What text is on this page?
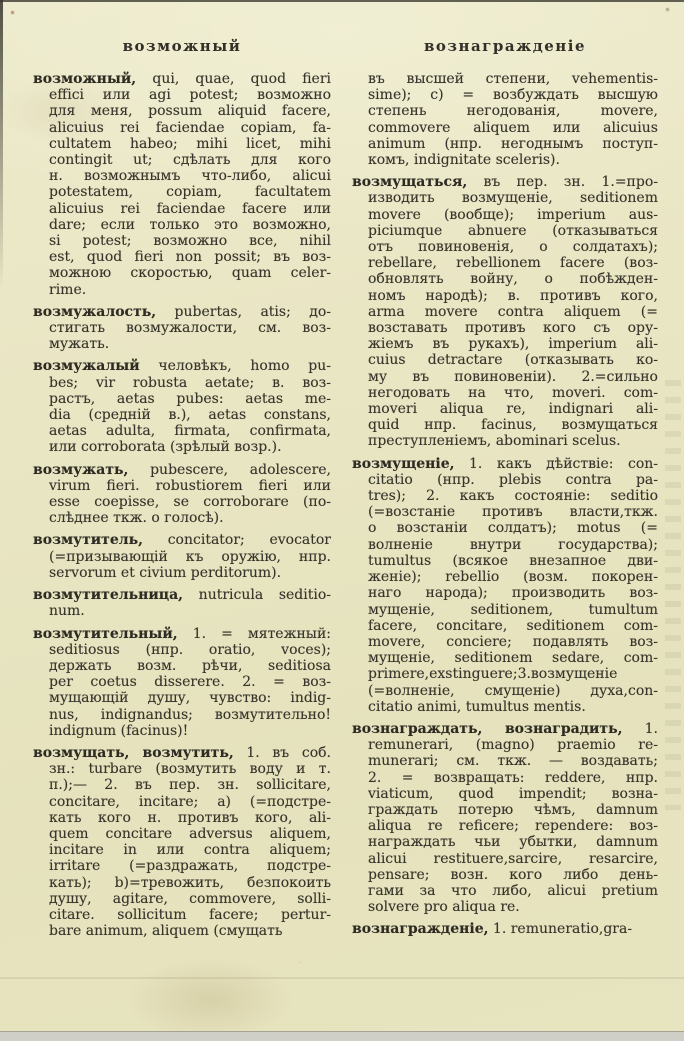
возможный	вознагражденіе
возможный, qui, quae, quod fieri
effici или agi potest; возможно
для меня, possum aliquid facere,
alicuius rei faciendae copiam, fa-
cultatem habeo; mihi licet, mihi
contingit ut; сдѣлать для кого
н. возможнымъ что-либо, alicui
potestatem, copiam, facultatem
alicuius rei faciendae facere или
dare; если только это возможно,
si potest; возможно все, nihil
est, quod fieri non possit; въ воз-
можною скоростью, quam celer-
rime.
возмужалость, pubertas, atis; до-
стигать возмужалости, см. воз-
мужать.
возмужалый человѣкъ, homo pu-
bes; vir robusta aetate; в. воз-
растъ, aetas pubes: aetas me-
dia (средній в.), aetas constans,
aetas adulta, firmata, confirmata,
или corroborata (зрѣлый возр.).
возмужать, pubescere, adolescere,
virum fieri. robustiorem fieri или
esse coepisse, se corroborare (по-
слѣднее ткж. о голосѣ).
возмутитель, concitator; evocator
(=призывающій къ оружію, нпр.
servorum et civium perditorum).
возмутительница, nutricula seditio-
num.
возмутительный, 1. = мятежный:
seditiosus (нпр. oratio, voces);
держать возм. рѣчи, seditiosa
per coetus disserere. 2. = воз-
мущающій душу, чувство: indig-
nus, indignandus; возмутительно!
indignum (facinus)!
возмущать, возмутить, 1. въ соб.
зн.: turbare (возмутить воду и т.
п.);— 2. въ пер. зн. sollicitare,
concitare, incitare; a) (=подстре-
кать кого н. противъ кого, ali-
quem concitare adversus aliquem,
incitare in или contra aliquem;
irritare (=раздражать, подстре-
кать); b)=тревожить, безпокоить
душу, agitare, commovere, solli-
citare. sollicitum facere; pertur-
bare animum, aliquem (смущать
въ высшей степени, vehementis-
sime); c) = возбуждать высшую
степень негодованія, movere,
commovere aliquem или alicuius
animum (нпр. негоднымъ поступ-
комъ, indignitate sceleris).
возмущаться, въ пер. зн. 1.=про-
изводить возмущеніе, seditionem
movere (вообще); imperium aus-
piciumque abnuere (отказываться
отъ повиновенія, о солдатахъ);
rebellare, rebellionem facere (воз-
обновлять войну, о побѣжден-
номъ народѣ); в. противъ кого,
arma movere contra aliquem (=
возставать противъ кого съ ору-
жіемъ въ рукахъ), imperium ali-
cuius detractare (отказывать ко-
му въ повиновеніи). 2.=сильно
негодовать на что, moveri. com-
moveri aliqua re, indignari ali-
quid нпр. facinus, возмущаться
преступленіемъ, abominari scelus.
возмущеніе, 1. какъ дѣйствіе: con-
citatio (нпр. plebis contra pa-
tres); 2. какъ состояніе: seditio
(=возстаніе противъ власти,ткж.
о возстаніи солдатъ); motus (=
волненіе внутри государства);
tumultus (всякое внезапное дви-
женіе); rebellio (возм. покорен-
наго народа); производить воз-
мущеніе, seditionem, tumultum
facere, concitare, seditionem com-
movere, conciere; подавлять воз-
мущеніе, seditionem sedare, com-
primere,exstinguere;3.возмущеніе
(=волненіе, смущеніе) духа,con-
citatio animi, tumultus mentis.
вознаграждать, вознаградить, 1.
remunerari, (magno) praemio re-
munerari; см. ткж. — воздавать;
2. = возвращать: reddere, нпр.
viaticum, quod impendit; возна-
граждать потерю чѣмъ, damnum
aliqua re reficere; rependere: воз-
награждать чьи убытки, damnum
alicui restituere,sarcire, resarcire,
pensare; возн. кого либо день-
гами за что либо, alicui pretium
solvere pro aliqua re.
вознагражденіе, 1. remuneratio,gra-
